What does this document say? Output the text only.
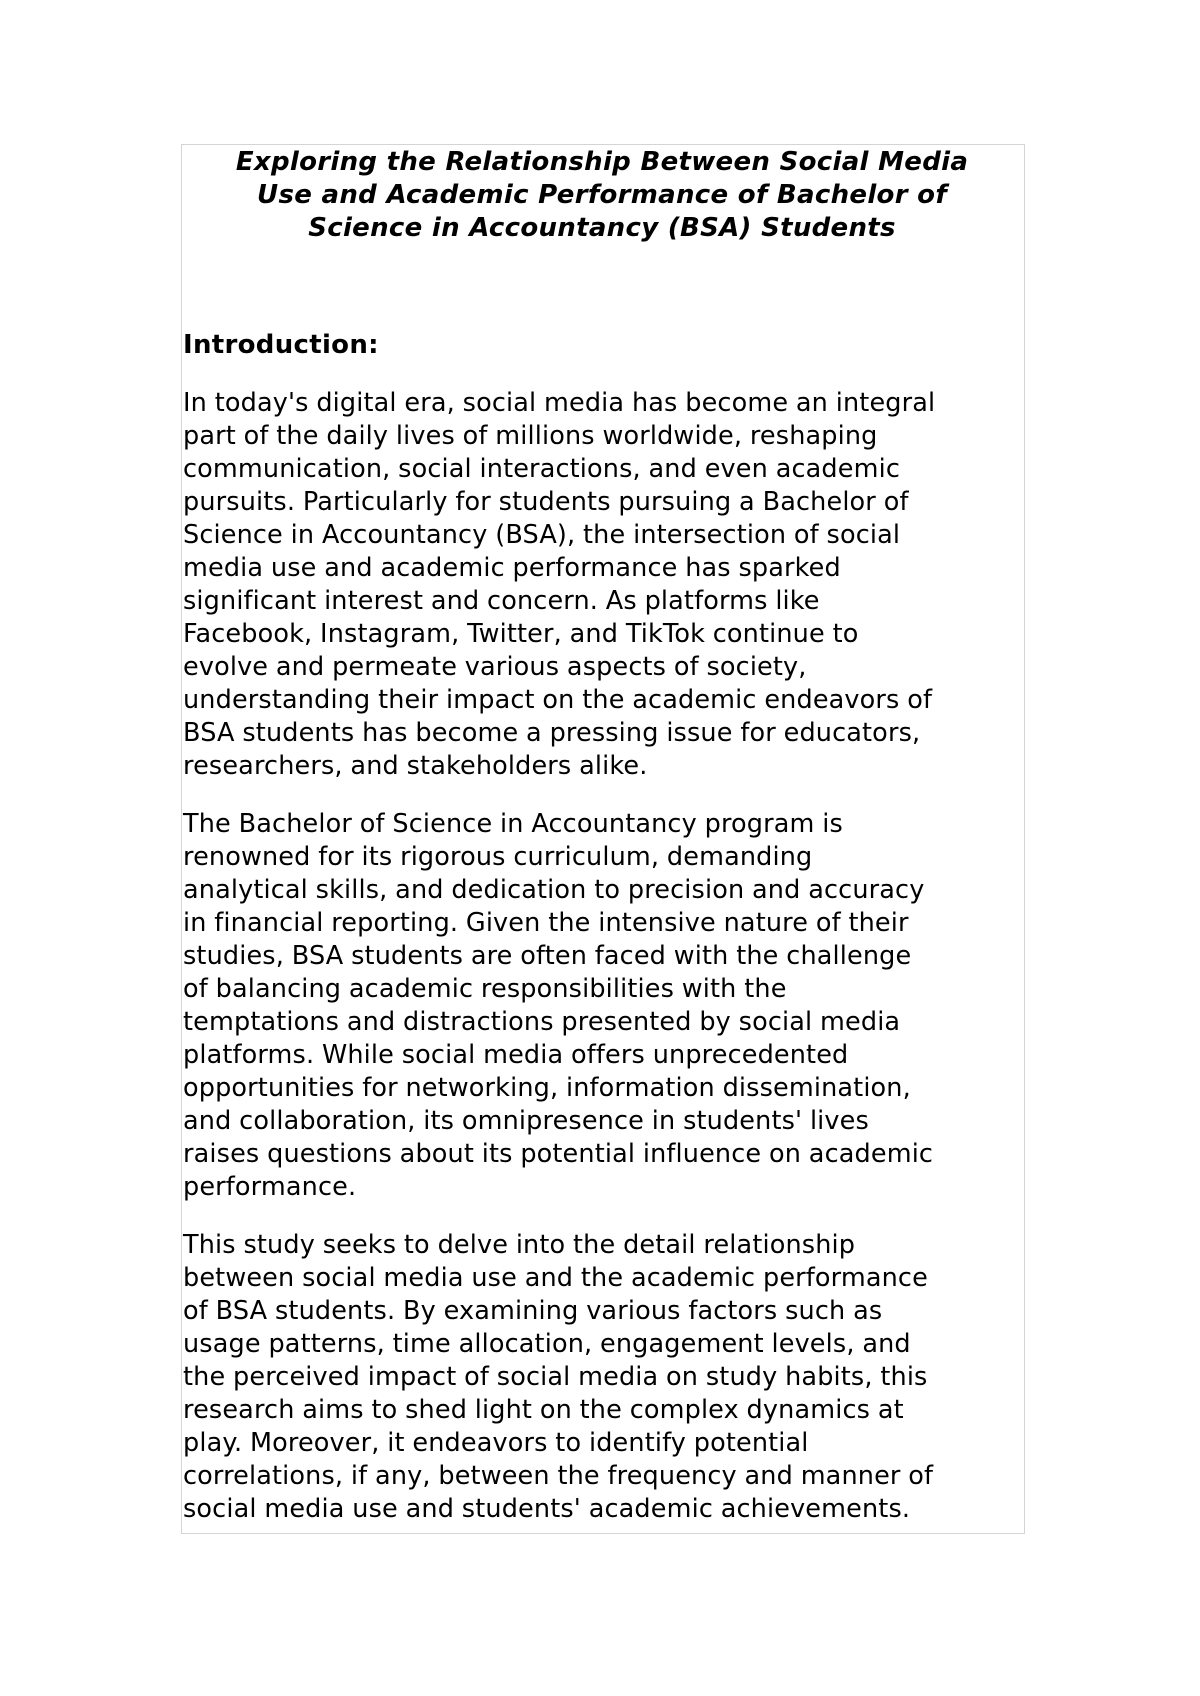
Exploring the Relationship Between Social Media
Use and Academic Performance of Bachelor of
Science in Accountancy (BSA) Students
Introduction:

In today's digital era, social media has become an integral
part of the daily lives of millions worldwide, reshaping
communication, social interactions, and even academic
pursuits. Particularly for students pursuing a Bachelor of
Science in Accountancy (BSA), the intersection of social
media use and academic performance has sparked
significant interest and concern. As platforms like
Facebook, Instagram, Twitter, and TikTok continue to
evolve and permeate various aspects of society,
understanding their impact on the academic endeavors of
BSA students has become a pressing issue for educators,
researchers, and stakeholders alike.

The Bachelor of Science in Accountancy program is
renowned for its rigorous curriculum, demanding
analytical skills, and dedication to precision and accuracy
in financial reporting. Given the intensive nature of their
studies, BSA students are often faced with the challenge
of balancing academic responsibilities with the
temptations and distractions presented by social media
platforms. While social media offers unprecedented
opportunities for networking, information dissemination,
and collaboration, its omnipresence in students' lives
raises questions about its potential influence on academic
performance.

This study seeks to delve into the detail relationship
between social media use and the academic performance
of BSA students. By examining various factors such as
usage patterns, time allocation, engagement levels, and
the perceived impact of social media on study habits, this
research aims to shed light on the complex dynamics at
play. Moreover, it endeavors to identify potential
correlations, if any, between the frequency and manner of
social media use and students' academic achievements.
